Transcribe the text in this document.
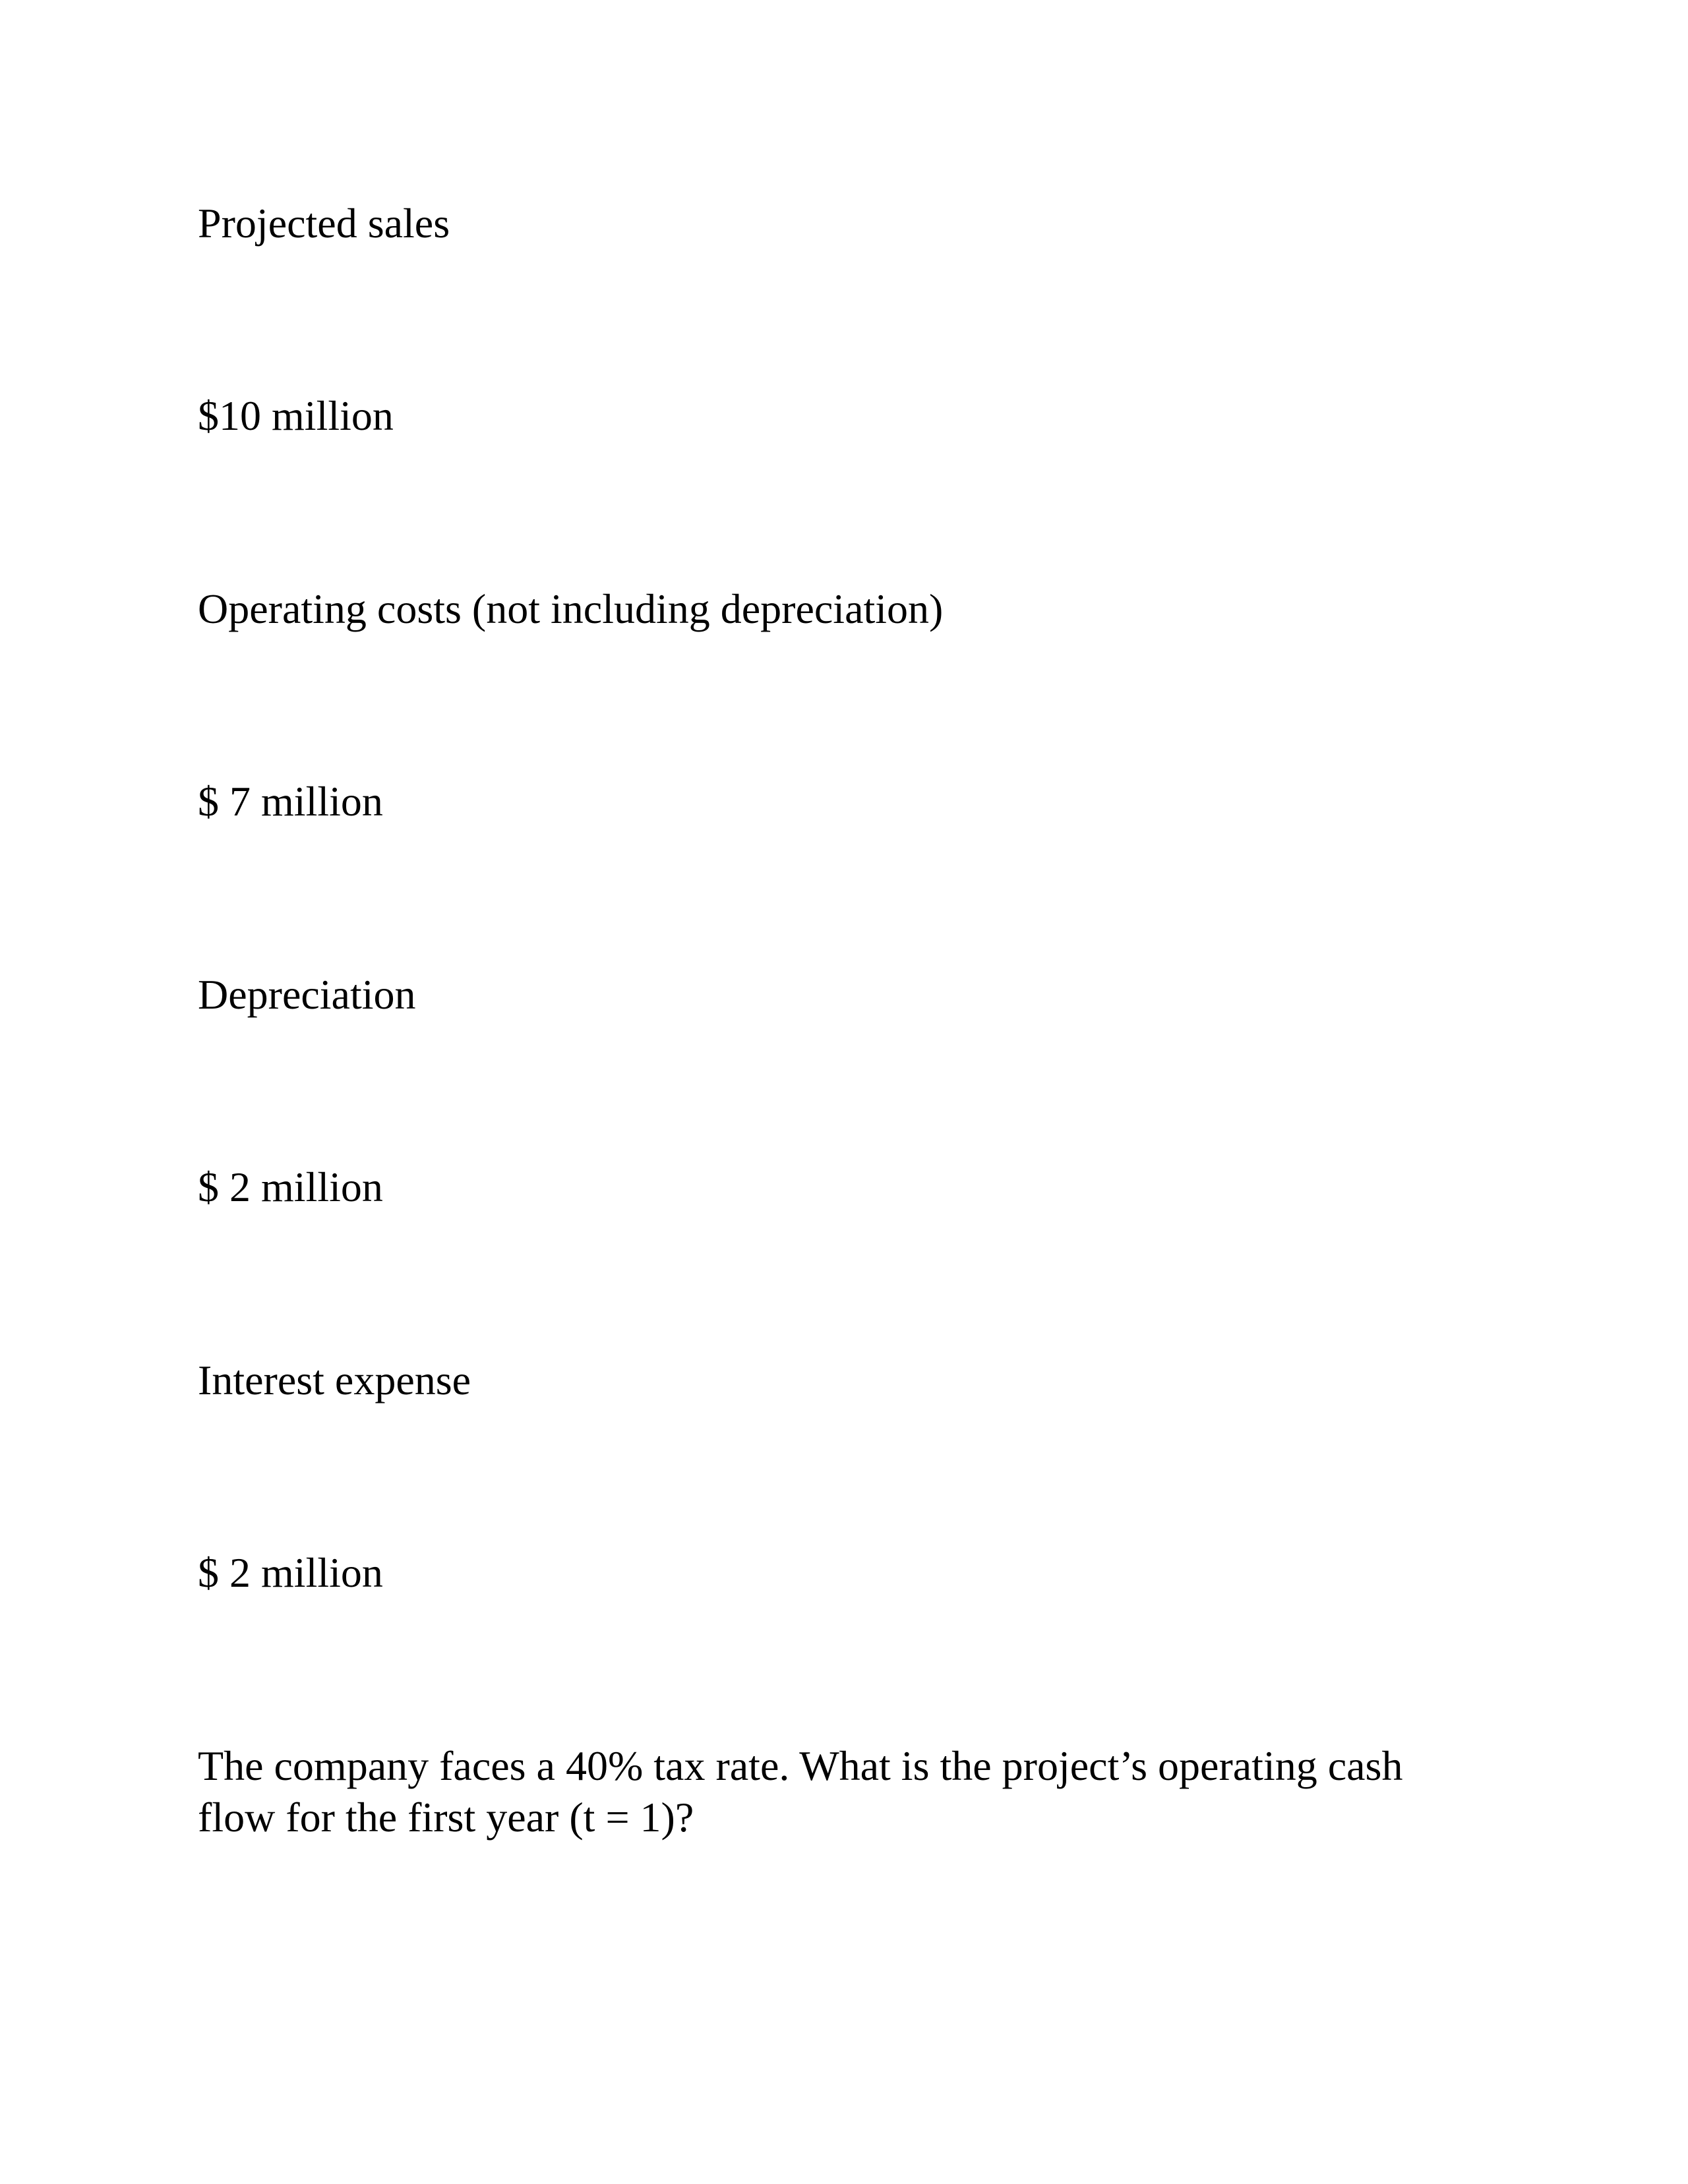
Projected sales

$10 million

Operating costs (not including depreciation)

$ 7 million

Depreciation

$ 2 million

Interest expense

$ 2 million

The company faces a 40% tax rate. What is the project’s operating cash
flow for the first year (t = 1)?
